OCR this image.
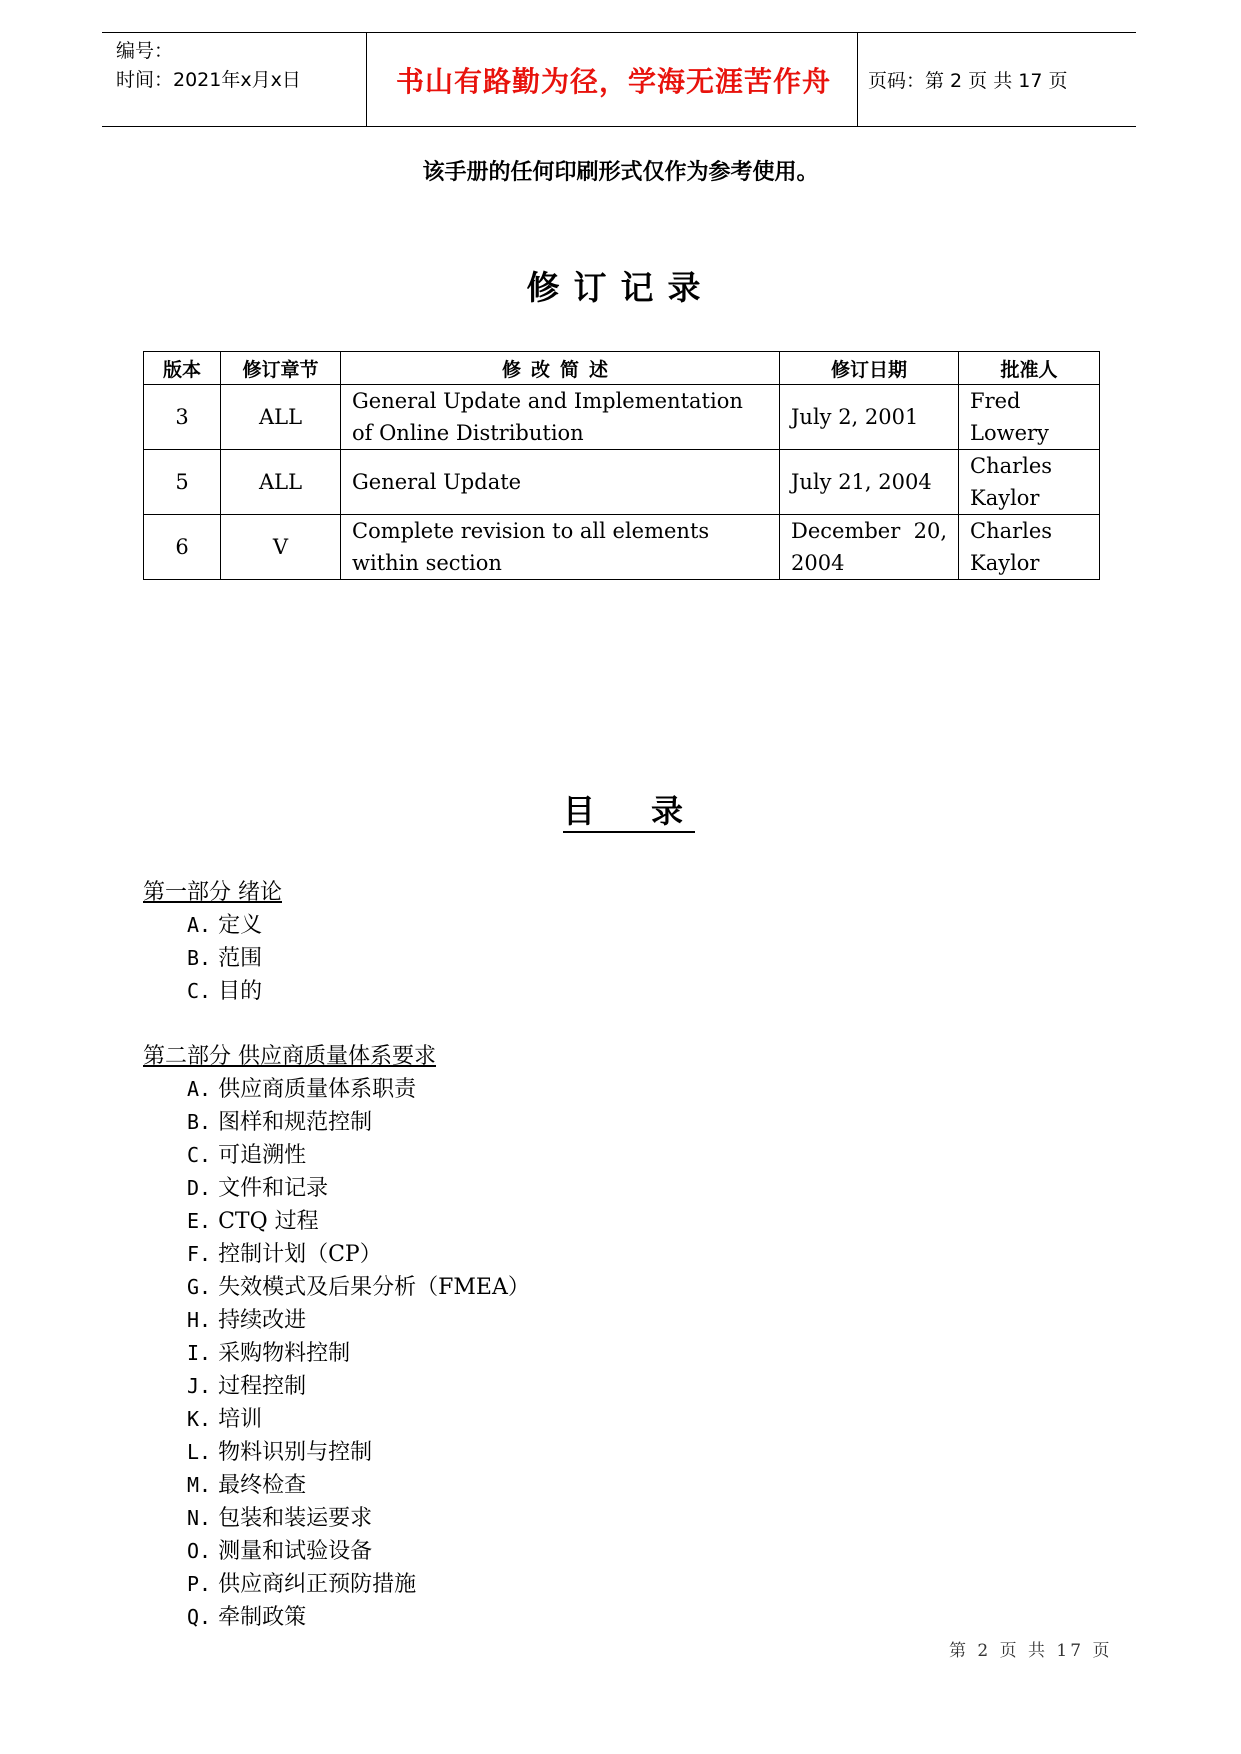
编号：
时间：2021年x月x日	书山有路勤为径，学海无涯苦作舟	页码：第 2 页 共 17 页
该手册的任何印刷形式仅作为参考使用。
修订记录
版本	修订章节	修改简述	修订日期	批准人
3	ALL	General Update and Implementation of Online Distribution	July 2, 2001	Fred Lowery
5	ALL	General Update	July 21, 2004	Charles Kaylor
6	V	Complete revision to all elements within section	December 20, 2004	Charles Kaylor
目　录
第一部分 绪论
A. 定义
B. 范围
C. 目的
第二部分 供应商质量体系要求
A. 供应商质量体系职责
B. 图样和规范控制
C. 可追溯性
D. 文件和记录
E. CTQ 过程
F. 控制计划（CP）
G. 失效模式及后果分析（FMEA）
H. 持续改进
I. 采购物料控制
J. 过程控制
K. 培训
L. 物料识别与控制
M. 最终检查
N. 包装和装运要求
O. 测量和试验设备
P. 供应商纠正预防措施
Q. 牵制政策
第 2 页 共 17 页
